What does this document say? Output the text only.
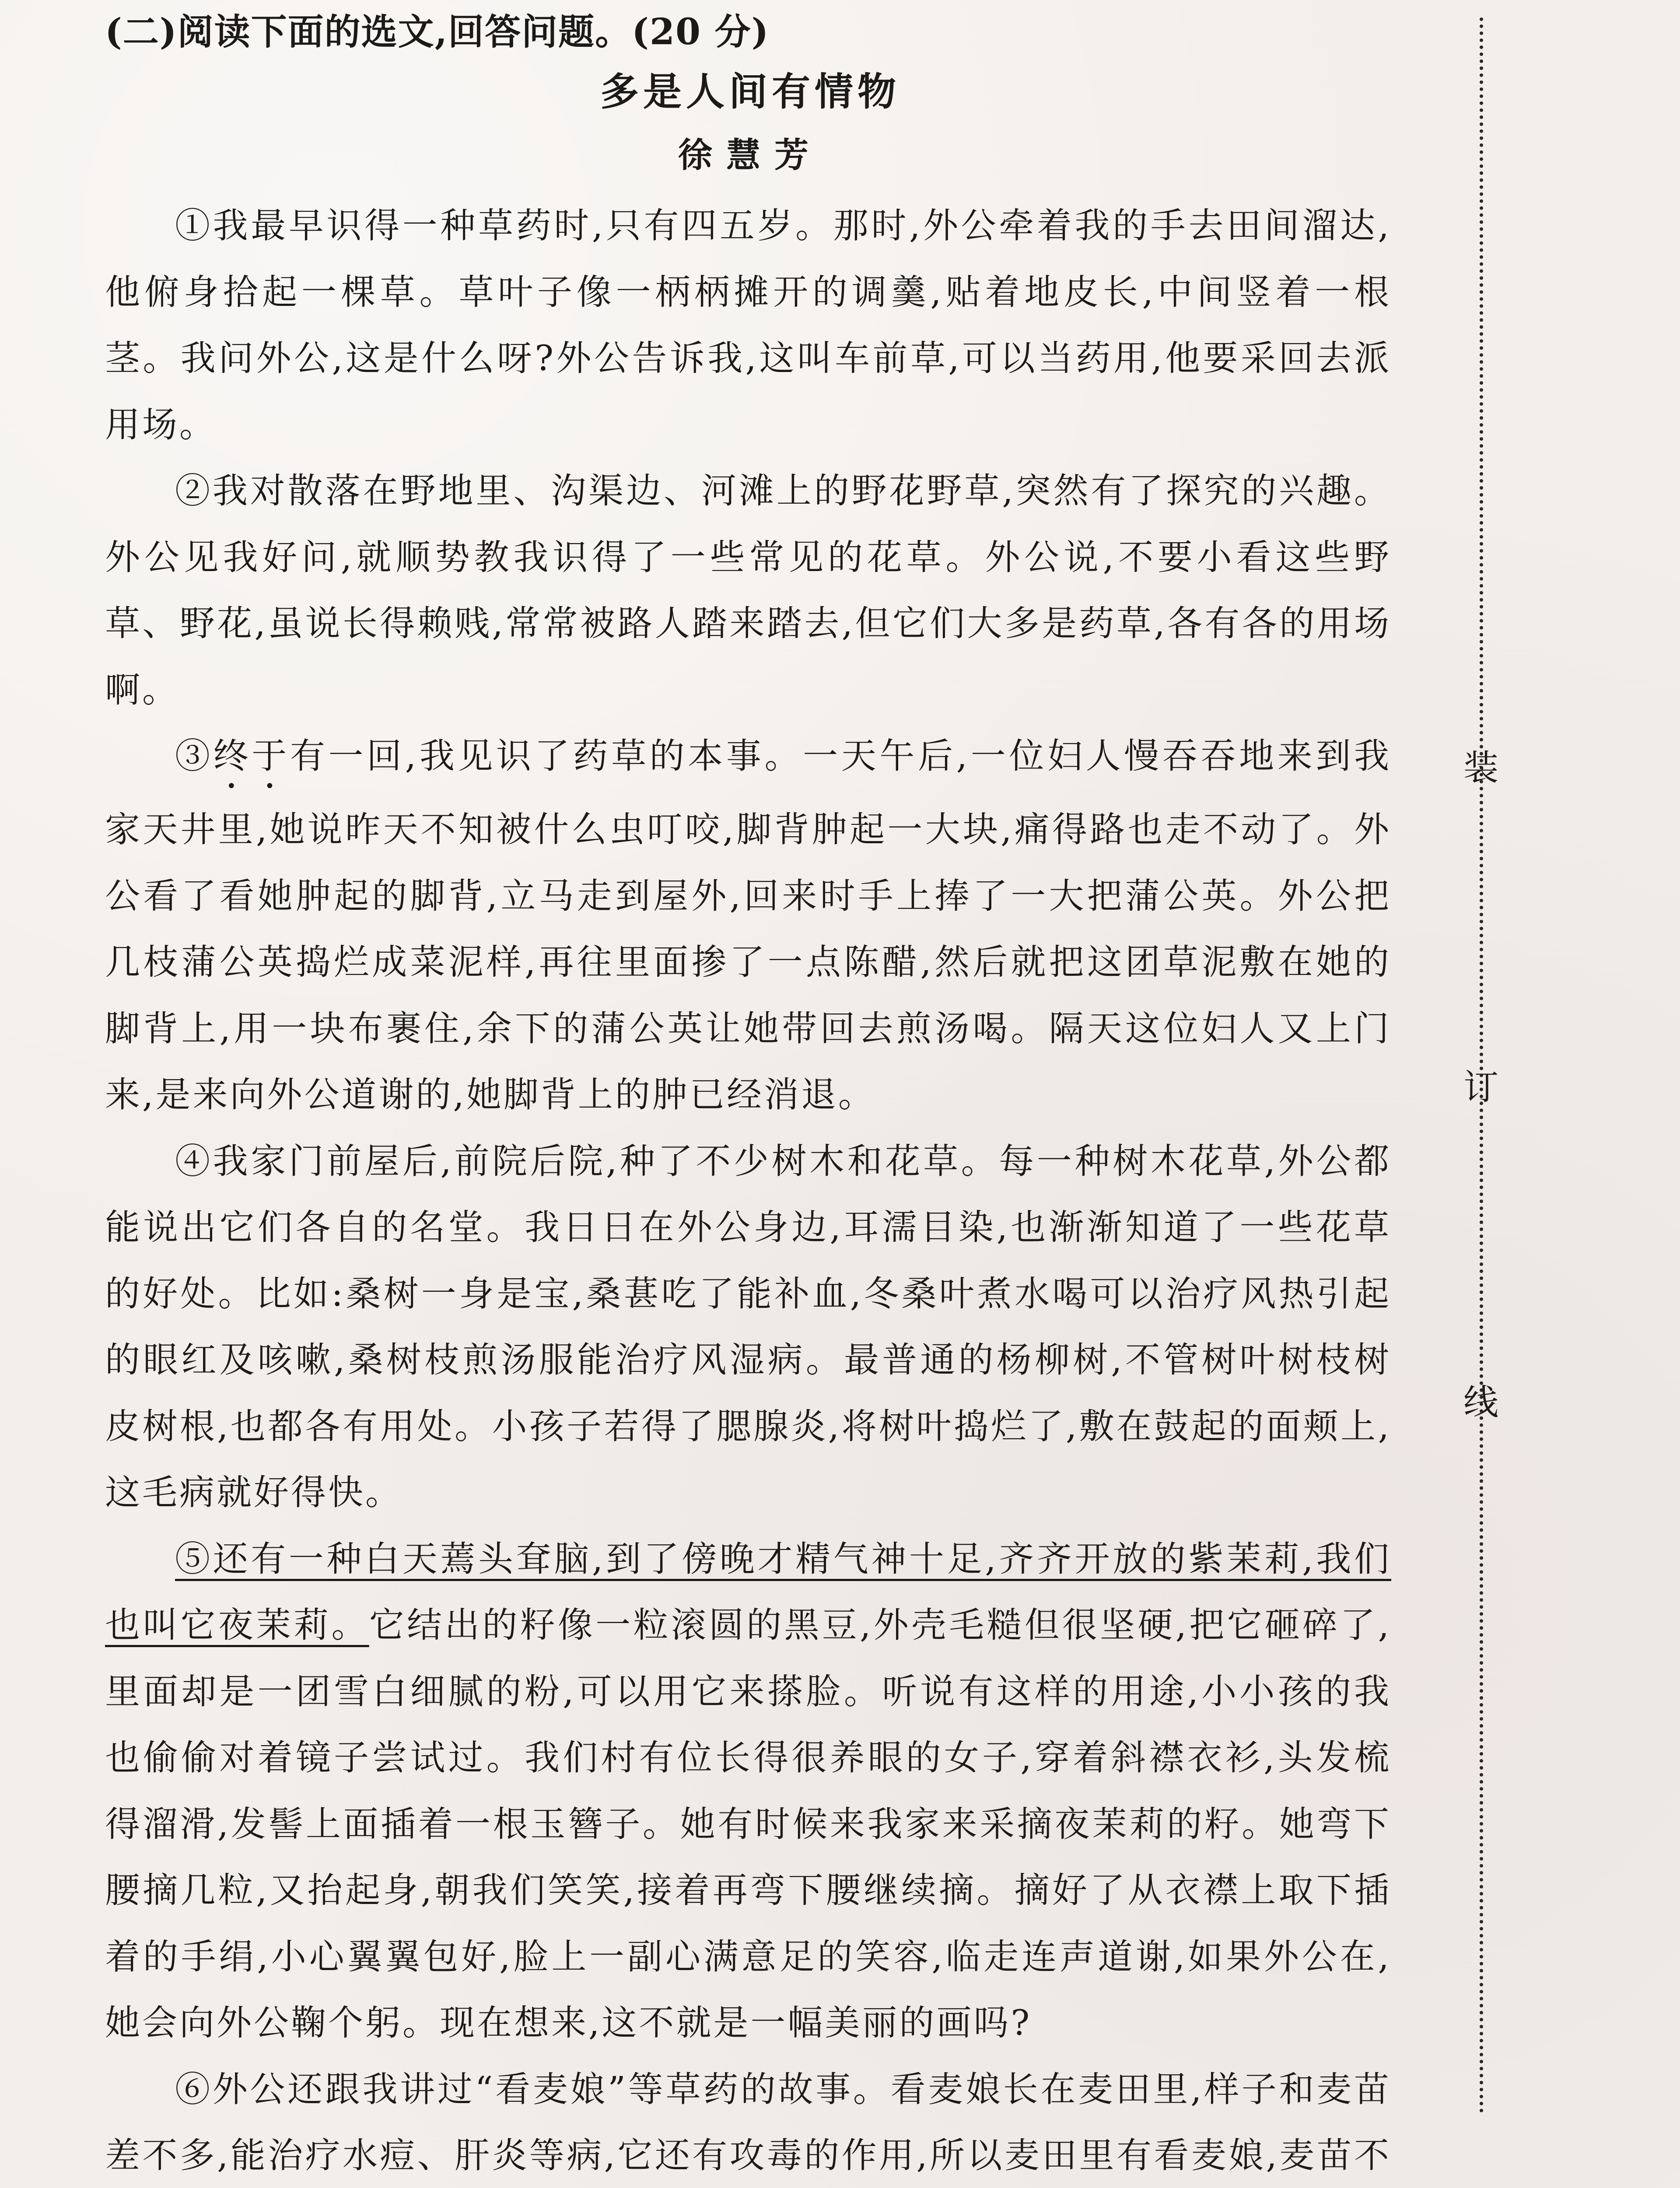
(二)阅读下面的选文,回答问题。(20 分)
多是人间有情物
徐慧芳

①我最早识得一种草药时,只有四五岁。那时,外公牵着我的手去田间溜达,他俯身拾起一棵草。草叶子像一柄柄摊开的调羹,贴着地皮长,中间竖着一根茎。我问外公,这是什么呀?外公告诉我,这叫车前草,可以当药用,他要采回去派用场。

②我对散落在野地里、沟渠边、河滩上的野花野草,突然有了探究的兴趣。外公见我好问,就顺势教我识得了一些常见的花草。外公说,不要小看这些野草、野花,虽说长得赖贱,常常被路人踏来踏去,但它们大多是药草,各有各的用场啊。

③终于有一回,我见识了药草的本事。一天午后,一位妇人慢吞吞地来到我家天井里,她说昨天不知被什么虫叮咬,脚背肿起一大块,痛得路也走不动了。外公看了看她肿起的脚背,立马走到屋外,回来时手上捧了一大把蒲公英。外公把几枝蒲公英捣烂成菜泥样,再往里面掺了一点陈醋,然后就把这团草泥敷在她的脚背上,用一块布裹住,余下的蒲公英让她带回去煎汤喝。隔天这位妇人又上门来,是来向外公道谢的,她脚背上的肿已经消退。

④我家门前屋后,前院后院,种了不少树木和花草。每一种树木花草,外公都能说出它们各自的名堂。我日日在外公身边,耳濡目染,也渐渐知道了一些花草的好处。比如:桑树一身是宝,桑葚吃了能补血,冬桑叶煮水喝可以治疗风热引起的眼红及咳嗽,桑树枝煎汤服能治疗风湿病。最普通的杨柳树,不管树叶树枝树皮树根,也都各有用处。小孩子若得了腮腺炎,将树叶捣烂了,敷在鼓起的面颊上,这毛病就好得快。

⑤还有一种白天蔫头耷脑,到了傍晚才精气神十足,齐齐开放的紫茉莉,我们也叫它夜茉莉。它结出的籽像一粒滚圆的黑豆,外壳毛糙但很坚硬,把它砸碎了,里面却是一团雪白细腻的粉,可以用它来搽脸。听说有这样的用途,小小孩的我也偷偷对着镜子尝试过。我们村有位长得很养眼的女子,穿着斜襟衣衫,头发梳得溜滑,发髻上面插着一根玉簪子。她有时候来我家来采摘夜茉莉的籽。她弯下腰摘几粒,又抬起身,朝我们笑笑,接着再弯下腰继续摘。摘好了从衣襟上取下插着的手绢,小心翼翼包好,脸上一副心满意足的笑容,临走连声道谢,如果外公在,她会向外公鞠个躬。现在想来,这不就是一幅美丽的画吗?

⑥外公还跟我讲过“看麦娘”等草药的故事。看麦娘长在麦田里,样子和麦苗差不多,能治疗水痘、肝炎等病,它还有攻毒的作用,所以麦田里有看麦娘,麦苗不

装
订
线
